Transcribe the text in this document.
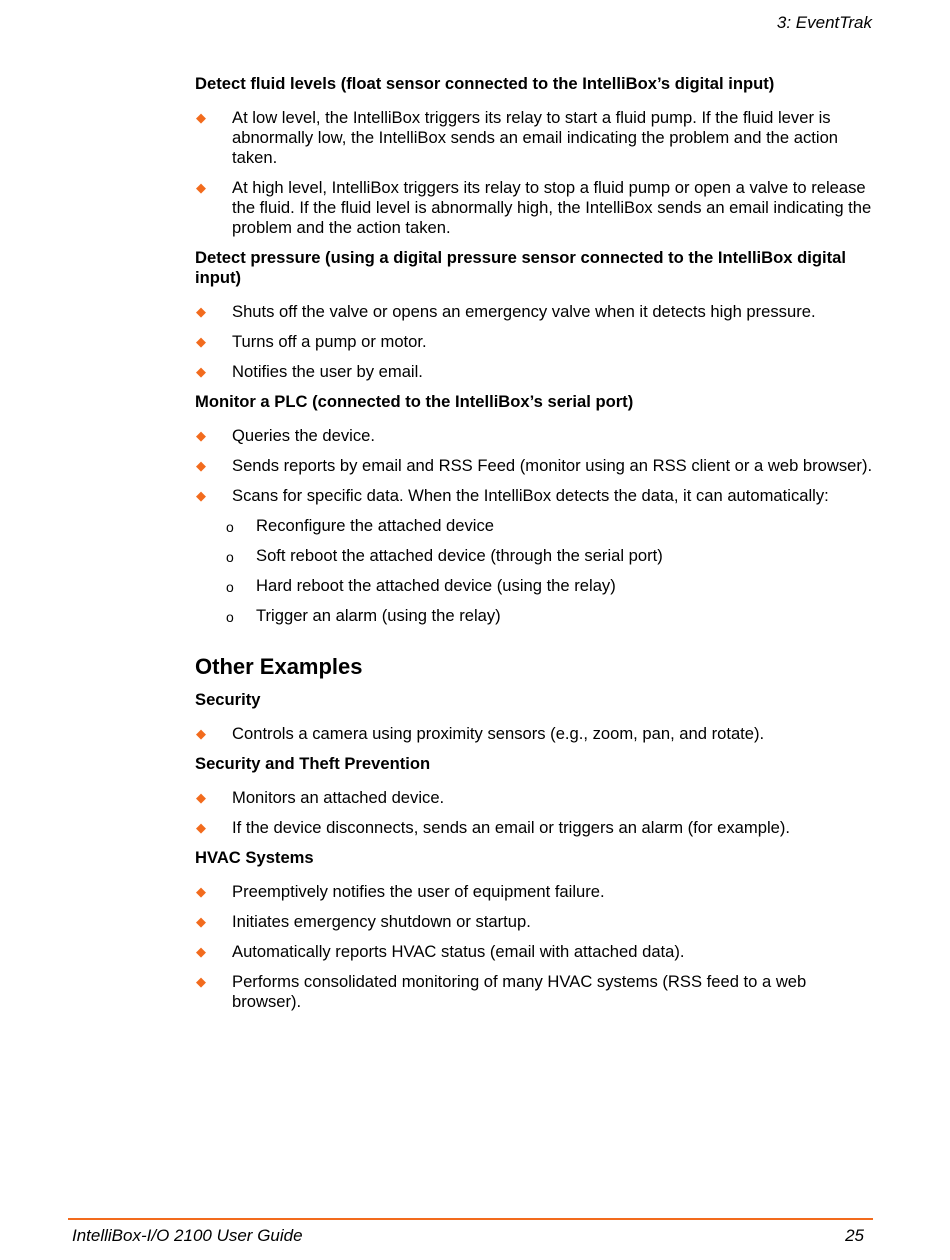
3: EventTrak
Detect fluid levels (float sensor connected to the IntelliBox’s digital input)
◆ At low level, the IntelliBox triggers its relay to start a fluid pump. If the fluid lever is abnormally low, the IntelliBox sends an email indicating the problem and the action taken.
◆ At high level, IntelliBox triggers its relay to stop a fluid pump or open a valve to release the fluid. If the fluid level is abnormally high, the IntelliBox sends an email indicating the problem and the action taken.
Detect pressure (using a digital pressure sensor connected to the IntelliBox digital input)
◆ Shuts off the valve or opens an emergency valve when it detects high pressure.
◆ Turns off a pump or motor.
◆ Notifies the user by email.
Monitor a PLC (connected to the IntelliBox’s serial port)
◆ Queries the device.
◆ Sends reports by email and RSS Feed (monitor using an RSS client or a web browser).
◆ Scans for specific data. When the IntelliBox detects the data, it can automatically:
o Reconfigure the attached device
o Soft reboot the attached device (through the serial port)
o Hard reboot the attached device (using the relay)
o Trigger an alarm (using the relay)
Other Examples
Security
◆ Controls a camera using proximity sensors (e.g., zoom, pan, and rotate).
Security and Theft Prevention
◆ Monitors an attached device.
◆ If the device disconnects, sends an email or triggers an alarm (for example).
HVAC Systems
◆ Preemptively notifies the user of equipment failure.
◆ Initiates emergency shutdown or startup.
◆ Automatically reports HVAC status (email with attached data).
◆ Performs consolidated monitoring of many HVAC systems (RSS feed to a web browser).
IntelliBox-I/O 2100 User Guide	25
